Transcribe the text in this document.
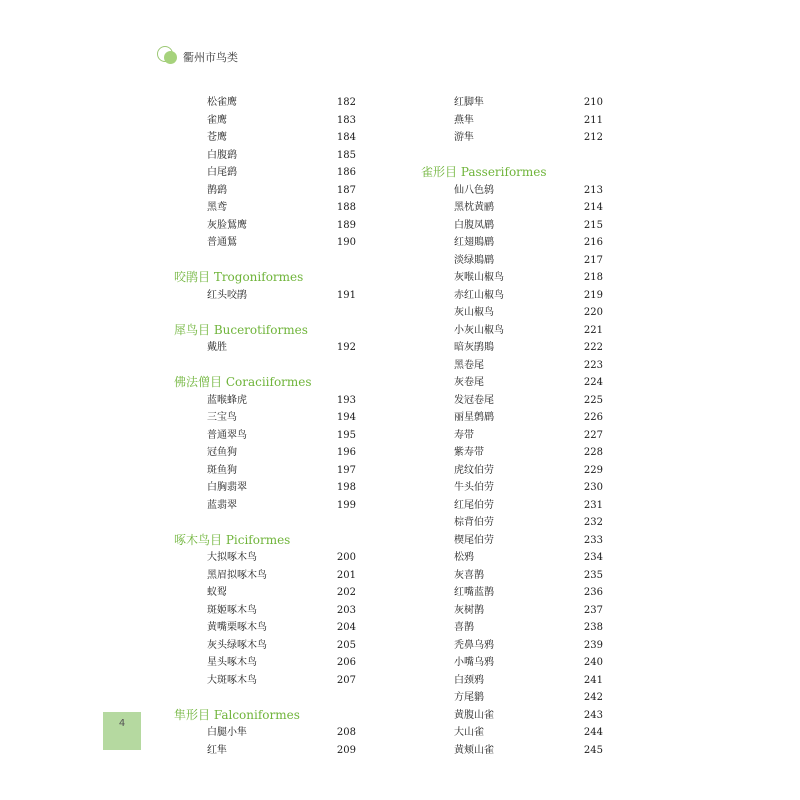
衢州市鸟类
松雀鹰	182
雀鹰	183
苍鹰	184
白腹鹞	185
白尾鹞	186
鹊鹞	187
黑鸢	188
灰脸鵟鹰	189
普通鵟	190
咬鹃目 Trogoniformes
红头咬鹃	191
犀鸟目 Bucerotiformes
戴胜	192
佛法僧目 Coraciiformes
蓝喉蜂虎	193
三宝鸟	194
普通翠鸟	195
冠鱼狗	196
斑鱼狗	197
白胸翡翠	198
蓝翡翠	199
啄木鸟目 Piciformes
大拟啄木鸟	200
黑眉拟啄木鸟	201
蚁䴕	202
斑姬啄木鸟	203
黄嘴栗啄木鸟	204
灰头绿啄木鸟	205
星头啄木鸟	206
大斑啄木鸟	207
隼形目 Falconiformes
白腿小隼	208
红隼	209
红脚隼	210
燕隼	211
游隼	212
雀形目 Passeriformes
仙八色鸫	213
黑枕黄鹂	214
白腹凤鹛	215
红翅鵙鹛	216
淡绿鵙鹛	217
灰喉山椒鸟	218
赤红山椒鸟	219
灰山椒鸟	220
小灰山椒鸟	221
暗灰鹃鵙	222
黑卷尾	223
灰卷尾	224
发冠卷尾	225
丽星鹩鹛	226
寿带	227
紫寿带	228
虎纹伯劳	229
牛头伯劳	230
红尾伯劳	231
棕背伯劳	232
楔尾伯劳	233
松鸦	234
灰喜鹊	235
红嘴蓝鹊	236
灰树鹊	237
喜鹊	238
秃鼻乌鸦	239
小嘴乌鸦	240
白颈鸦	241
方尾鹟	242
黄腹山雀	243
大山雀	244
黄颊山雀	245
4
